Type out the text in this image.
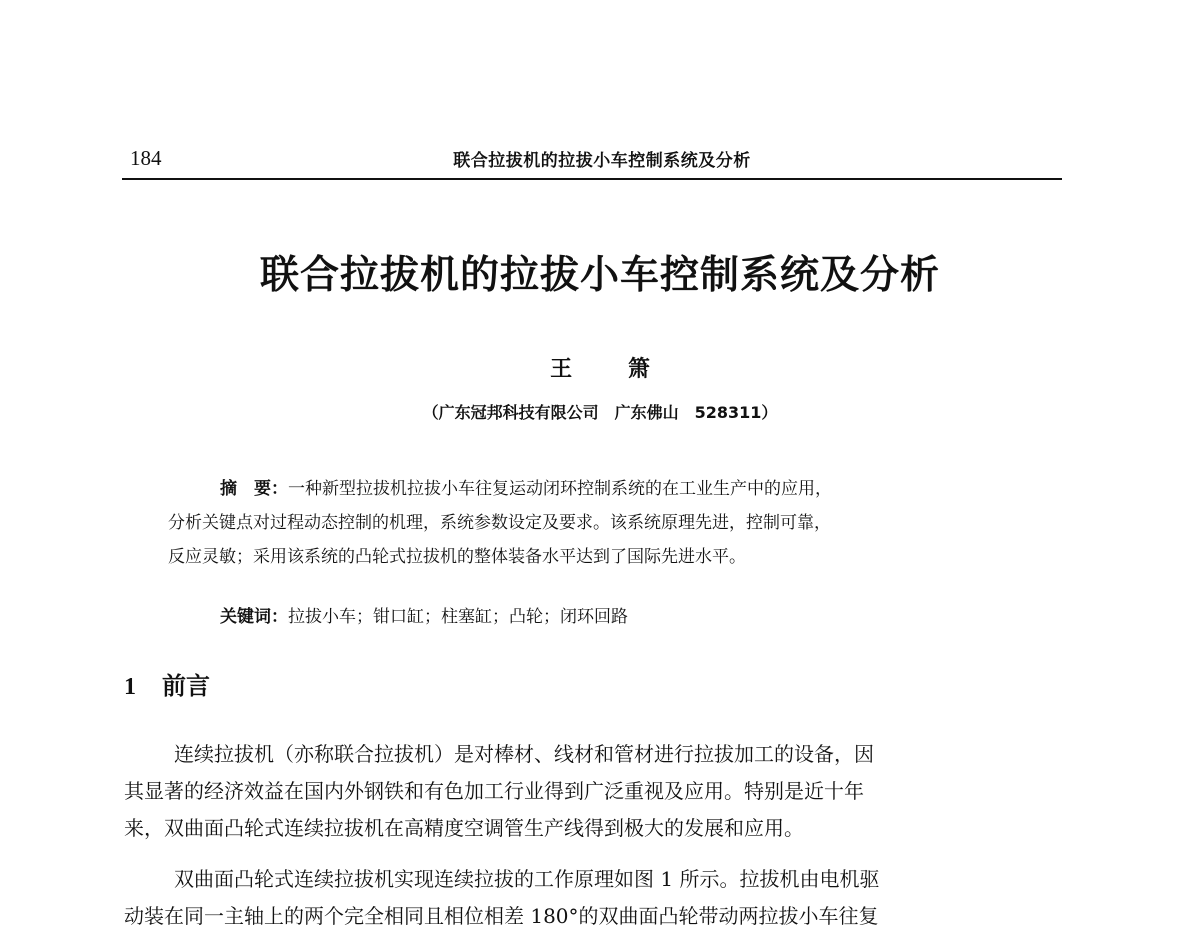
184	联合拉拔机的拉拔小车控制系统及分析
联合拉拔机的拉拔小车控制系统及分析
王 箫
（广东冠邦科技有限公司　广东佛山　528311）
摘　要：一种新型拉拔机拉拔小车往复运动闭环控制系统的在工业生产中的应用，
分析关键点对过程动态控制的机理，系统参数设定及要求。该系统原理先进，控制可靠，
反应灵敏；采用该系统的凸轮式拉拔机的整体装备水平达到了国际先进水平。
关键词：拉拔小车；钳口缸；柱塞缸；凸轮；闭环回路
1 前言
连续拉拔机（亦称联合拉拔机）是对棒材、线材和管材进行拉拔加工的设备，因
其显著的经济效益在国内外钢铁和有色加工行业得到广泛重视及应用。特别是近十年
来，双曲面凸轮式连续拉拔机在高精度空调管生产线得到极大的发展和应用。
双曲面凸轮式连续拉拔机实现连续拉拔的工作原理如图 1 所示。拉拔机由电机驱
动装在同一主轴上的两个完全相同且相位相差 180°的双曲面凸轮带动两拉拔小车往复
